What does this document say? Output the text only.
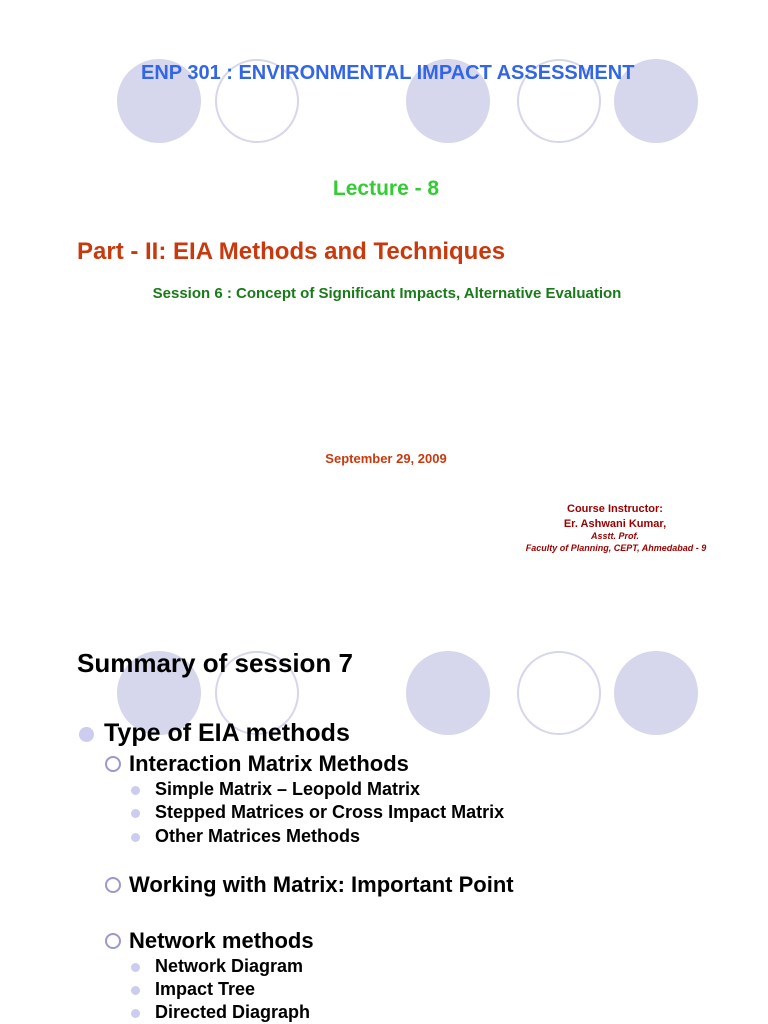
ENP 301 : ENVIRONMENTAL IMPACT ASSESSMENT
Lecture - 8
Part - II: EIA Methods and Techniques
Session 6 : Concept of Significant Impacts, Alternative Evaluation
September 29, 2009
Course Instructor:
Er. Ashwani Kumar,
Asstt. Prof.
Faculty of Planning, CEPT, Ahmedabad - 9
Summary of session 7
Type of EIA methods
Interaction Matrix Methods
Simple Matrix – Leopold Matrix
Stepped Matrices or Cross Impact Matrix
Other Matrices Methods
Working with Matrix: Important Point
Network methods
Network Diagram
Impact Tree
Directed Diagraph
